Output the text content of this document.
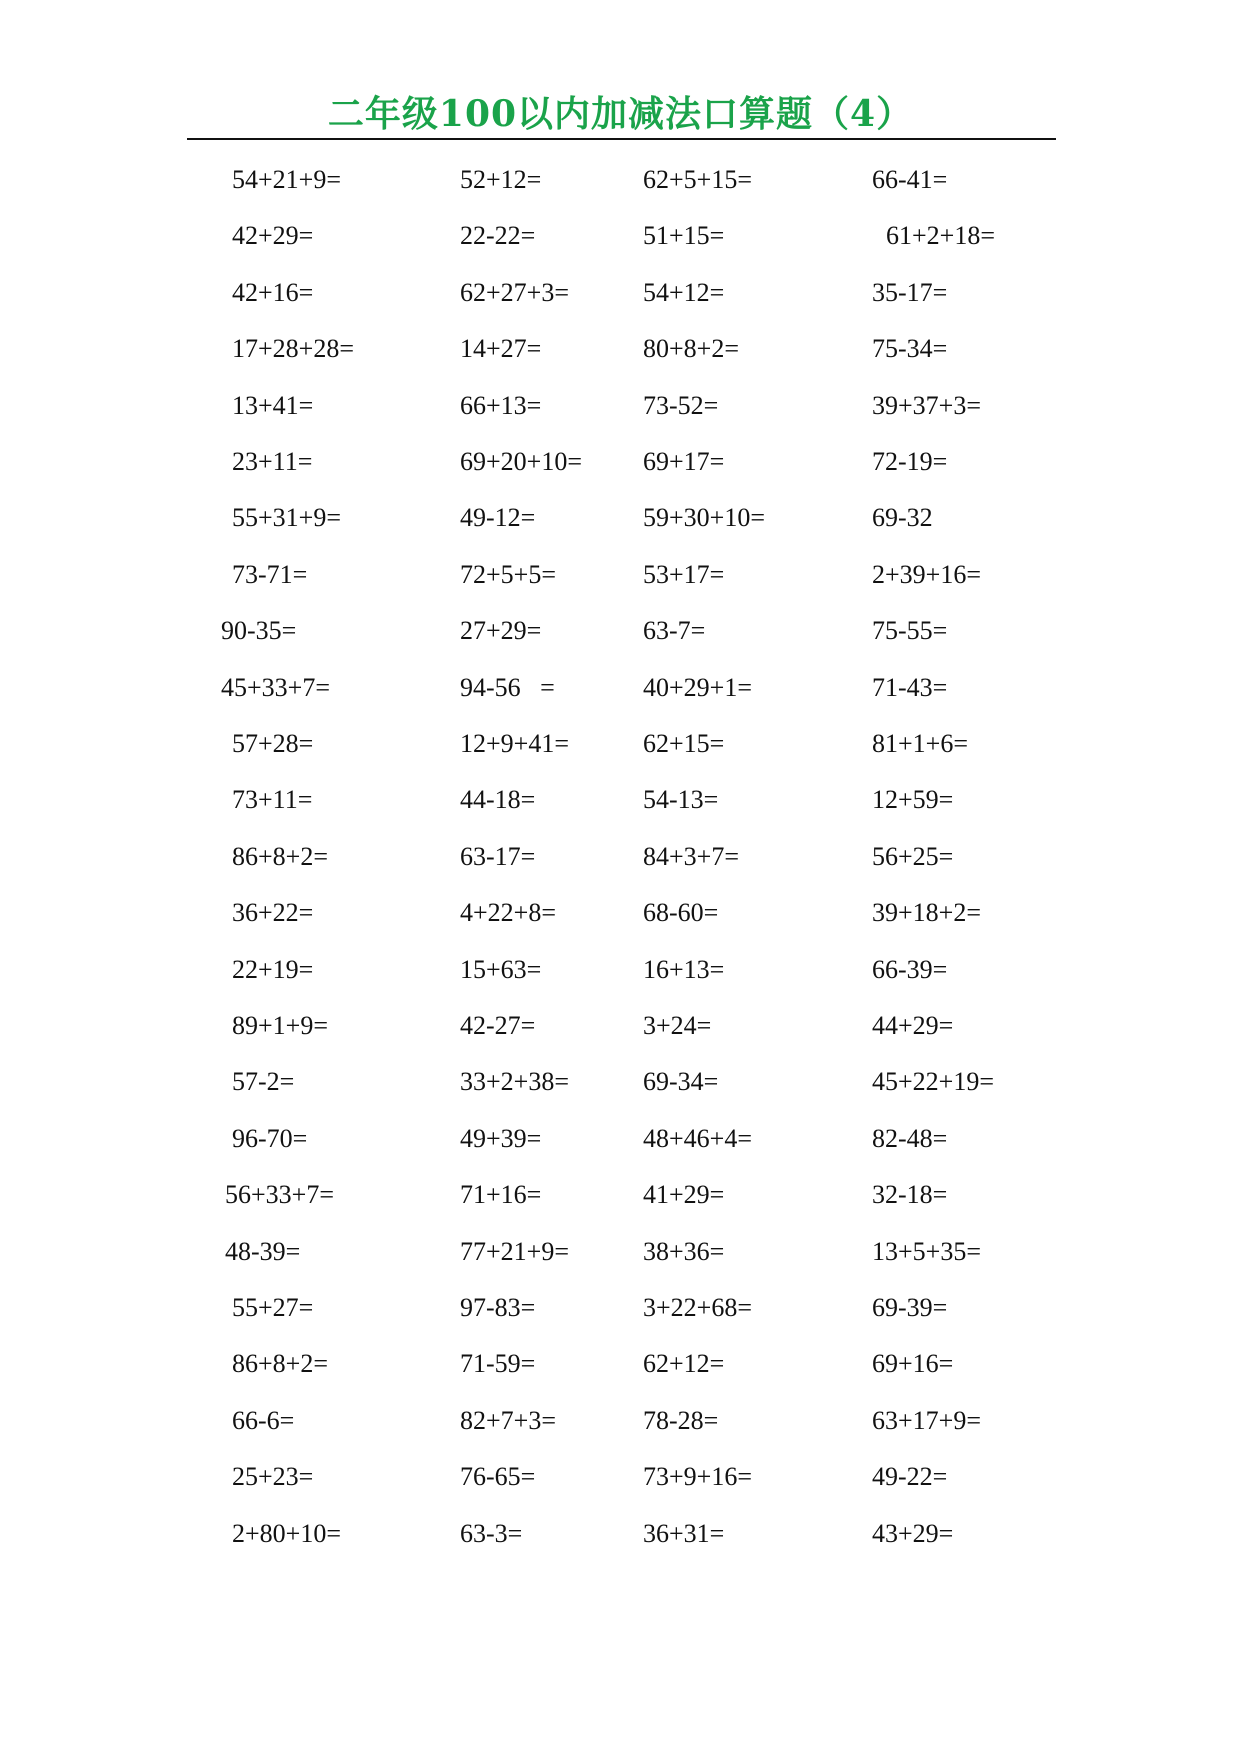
二年级100以内加减法口算题（4）
54+21+9=	52+12=	62+5+15=	66-41=
42+29=	22-22=	51+15=	61+2+18=
42+16=	62+27+3=	54+12=	35-17=
17+28+28=	14+27=	80+8+2=	75-34=
13+41=	66+13=	73-52=	39+37+3=
23+11=	69+20+10= 69+17=	72-19=
55+31+9=	49-12=	59+30+10=	69-32
73-71=	72+5+5=	53+17=	2+39+16=
90-35=	27+29=	63-7=	75-55=
45+33+7=	94-56   =	40+29+1=	71-43=
57+28=	12+9+41=	62+15=	81+1+6=
73+11=	44-18=	54-13=	12+59=
86+8+2=	63-17=	84+3+7=	56+25=
36+22=	4+22+8=	68-60=	39+18+2=
22+19=	15+63=	16+13=	66-39=
89+1+9=	42-27=	3+24=	44+29=
57-2=	33+2+38=	69-34=	45+22+19=
96-70=	49+39=	48+46+4=	82-48=
56+33+7=	71+16=	41+29=	32-18=
48-39=	77+21+9=	38+36=	13+5+35=
55+27=	97-83=	3+22+68=	69-39=
86+8+2=	71-59=	62+12=	69+16=
66-6=	82+7+3=	78-28=	63+17+9=
25+23=	76-65=	73+9+16=	49-22=
2+80+10=	63-3=	36+31=	43+29=
